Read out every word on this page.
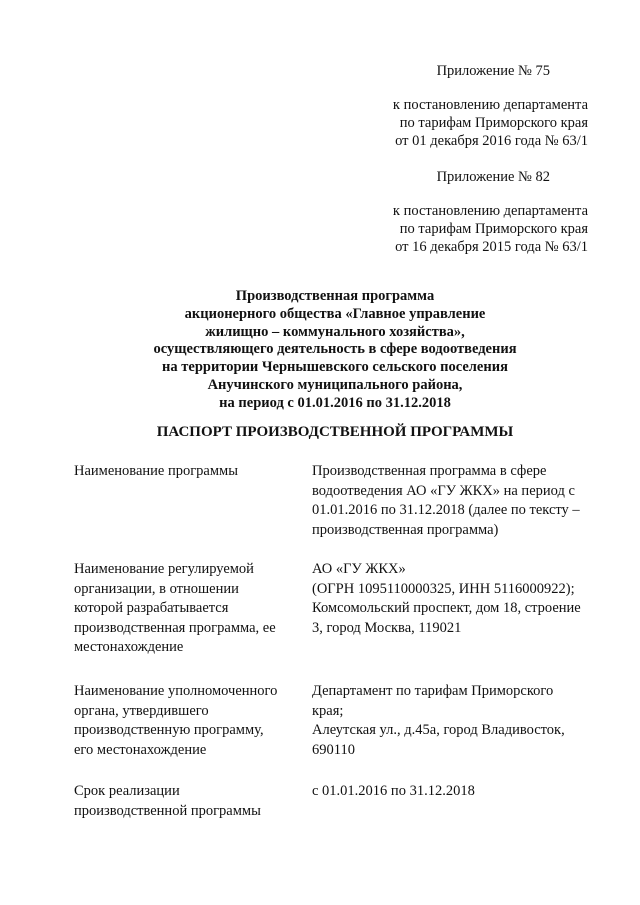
Приложение № 75
к постановлению департамента
по тарифам Приморского края
от 01 декабря 2016 года № 63/1
Приложение № 82
к постановлению департамента
по тарифам Приморского края
от 16 декабря 2015 года № 63/1
Производственная программа
акционерного общества «Главное управление
жилищно – коммунального хозяйства»,
осуществляющего деятельность в сфере водоотведения
на территории Чернышевского сельского поселения
Анучинского муниципального района,
на период с 01.01.2016 по 31.12.2018
ПАСПОРТ ПРОИЗВОДСТВЕННОЙ ПРОГРАММЫ
Наименование программы	Производственная программа в сфере
водоотведения АО «ГУ ЖКХ» на период с
01.01.2016 по 31.12.2018 (далее по тексту –
производственная программа)
Наименование регулируемой
организации, в отношении
которой разрабатывается
производственная программа, ее
местонахождение
АО «ГУ ЖКХ»
(ОГРН 1095110000325, ИНН 5116000922);
Комсомольский проспект, дом 18, строение
3, город Москва, 119021
Наименование уполномоченного
органа, утвердившего
производственную программу,
его местонахождение
Департамент по тарифам Приморского
края;
Алеутская ул., д.45а, город Владивосток,
690110
Срок реализации
производственной программы
с 01.01.2016 по 31.12.2018
